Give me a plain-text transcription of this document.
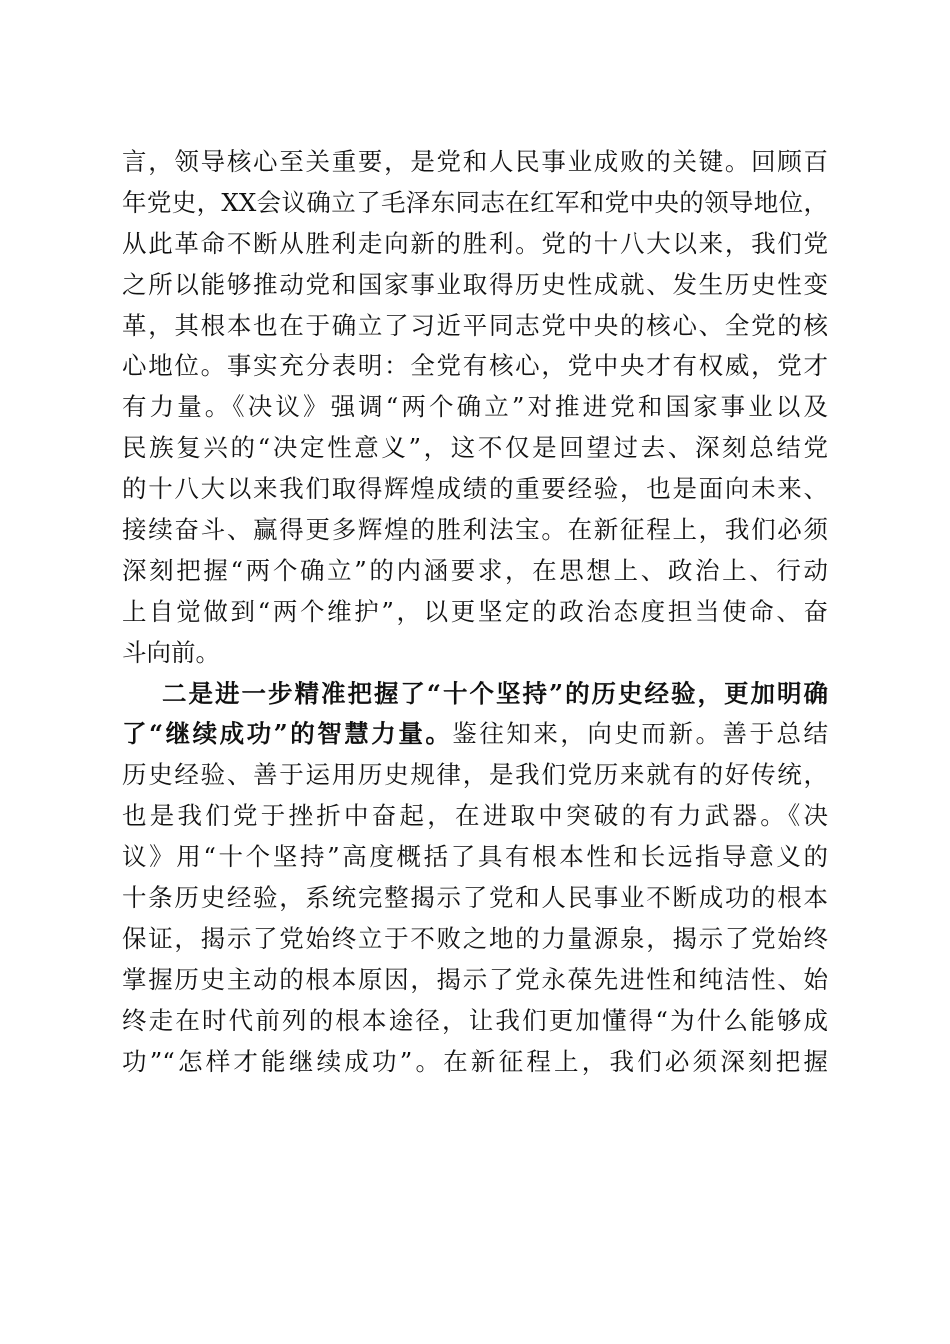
言，领导核心至关重要，是党和人民事业成败的关键。回顾百
年党史，XX会议确立了毛泽东同志在红军和党中央的领导地位，
从此革命不断从胜利走向新的胜利。党的十八大以来，我们党
之所以能够推动党和国家事业取得历史性成就、发生历史性变
革，其根本也在于确立了习近平同志党中央的核心、全党的核
心地位。事实充分表明：全党有核心，党中央才有权威，党才
有力量。《决议》强调“两个确立”对推进党和国家事业以及
民族复兴的“决定性意义”，这不仅是回望过去、深刻总结党
的十八大以来我们取得辉煌成绩的重要经验，也是面向未来、
接续奋斗、赢得更多辉煌的胜利法宝。在新征程上，我们必须
深刻把握“两个确立”的内涵要求，在思想上、政治上、行动
上自觉做到“两个维护”，以更坚定的政治态度担当使命、奋
斗向前。
二是进一步精准把握了“十个坚持”的历史经验，更加明确
了“继续成功”的智慧力量。鉴往知来，向史而新。善于总结
历史经验、善于运用历史规律，是我们党历来就有的好传统，
也是我们党于挫折中奋起，在进取中突破的有力武器。《决
议》用“十个坚持”高度概括了具有根本性和长远指导意义的
十条历史经验，系统完整揭示了党和人民事业不断成功的根本
保证，揭示了党始终立于不败之地的力量源泉，揭示了党始终
掌握历史主动的根本原因，揭示了党永葆先进性和纯洁性、始
终走在时代前列的根本途径，让我们更加懂得“为什么能够成
功”“怎样才能继续成功”。在新征程上，我们必须深刻把握
